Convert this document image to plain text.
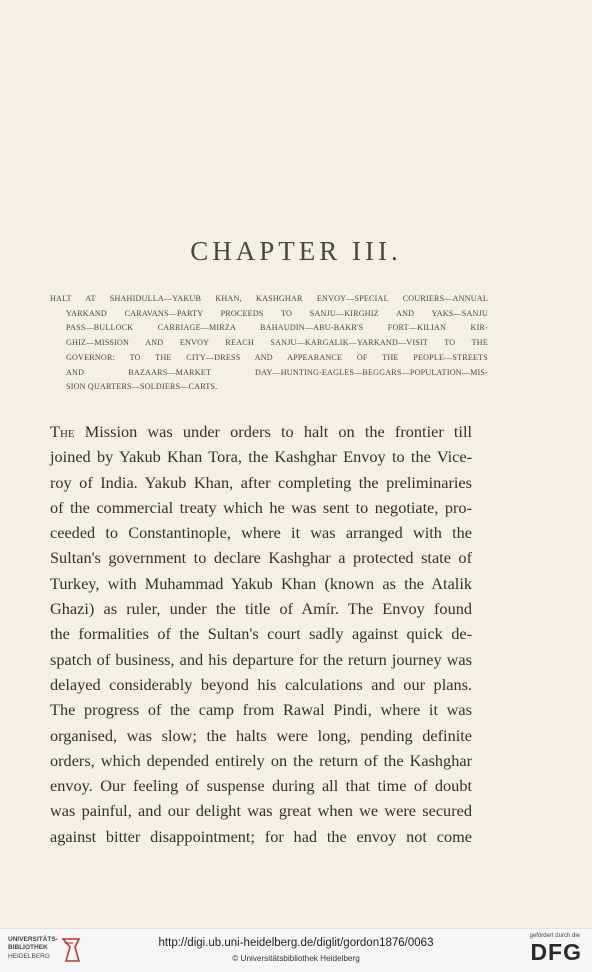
CHAPTER III.
HALT AT SHAHIDULLA—YAKUB KHAN, KASHGHAR ENVOY—SPECIAL COURIERS—ANNUAL
YARKAND CARAVANS—PARTY PROCEEDS TO SANJU—KIRGHIZ AND YAKS—SANJU
PASS—BULLOCK CARRIAGE—MIRZA BAHAUDIN—ABU-BAKR'S FORT—KILIAN KIR-
GHIZ—MISSION AND ENVOY REACH SANJU—KARGALIK—YARKAND—VISIT TO THE
GOVERNOR: TO THE CITY—DRESS AND APPEARANCE OF THE PEOPLE—STREETS
AND BAZAARS—MARKET DAY—HUNTING-EAGLES—BEGGARS—POPULATION—MIS-
SION QUARTERS—SOLDIERS—CARTS.
The Mission was under orders to halt on the frontier till
joined by Yakub Khan Tora, the Kashghar Envoy to the Vice-
roy of India. Yakub Khan, after completing the preliminaries
of the commercial treaty which he was sent to negotiate, pro-
ceeded to Constantinople, where it was arranged with the
Sultan's government to declare Kashghar a protected state of
Turkey, with Muhammad Yakub Khan (known as the Atalik
Ghazi) as ruler, under the title of Amír. The Envoy found
the formalities of the Sultan's court sadly against quick de-
spatch of business, and his departure for the return journey was
delayed considerably beyond his calculations and our plans.
The progress of the camp from Rawal Pindi, where it was
organised, was slow; the halts were long, pending definite
orders, which depended entirely on the return of the Kashghar
envoy. Our feeling of suspense during all that time of doubt
was painful, and our delight was great when we were secured
against bitter disappointment; for had the envoy not come
UNIVERSITÄTS-
BIBLIOTHEK
HEIDELBERG
http://digi.ub.uni-heidelberg.de/diglit/gordon1876/0063
© Universitätsbibliothek Heidelberg
gefördert durch die
DFG
